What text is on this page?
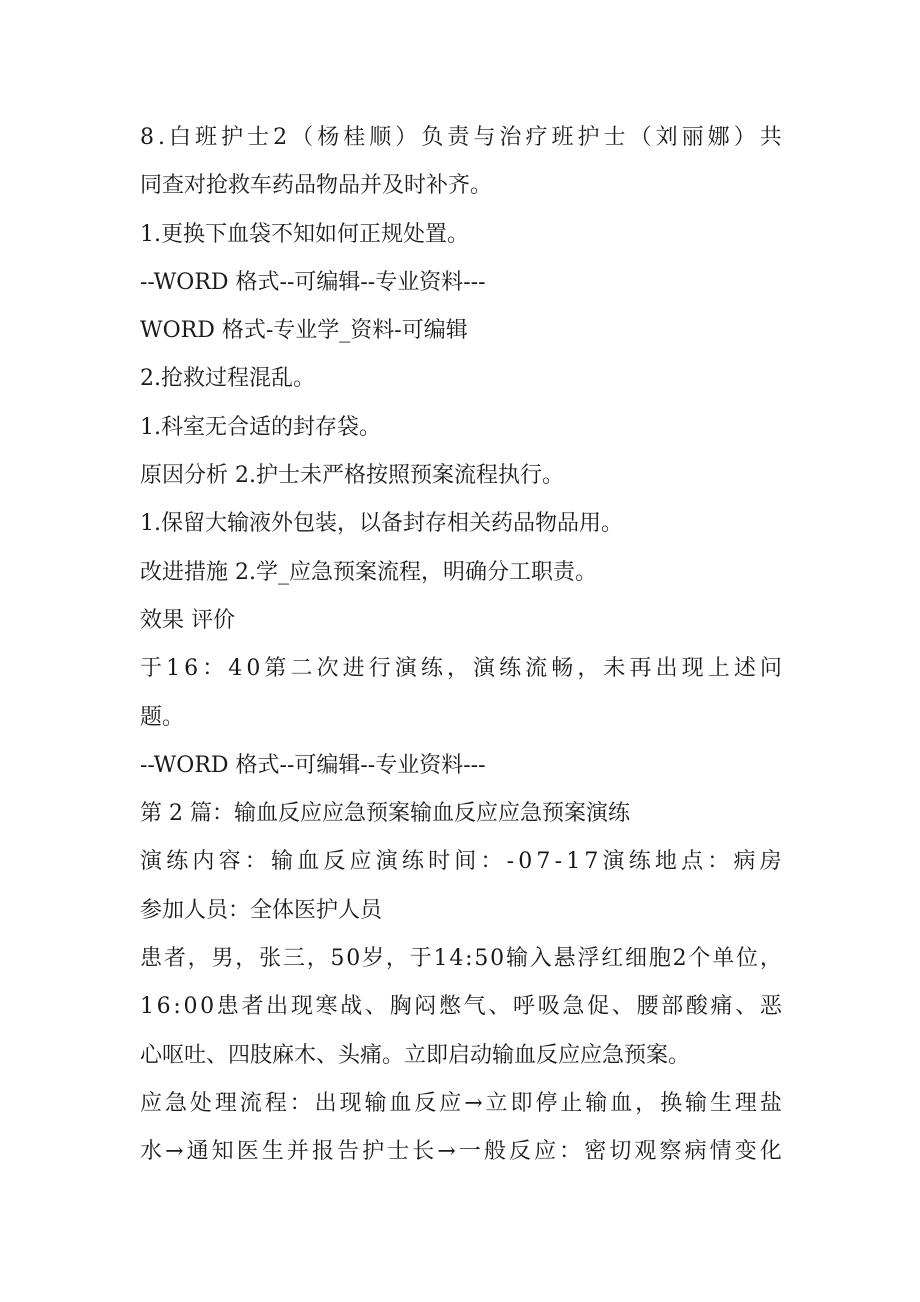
8 . 白 班 护 士 2 （ 杨 桂 顺 ） 负 责 与 治 疗 班 护 士 （ 刘 丽 娜 ） 共
同查对抢救车药品物品并及时补齐。
1.更换下血袋不知如何正规处置。
--WORD 格式--可编辑--专业资料---
WORD 格式-专业学_资料-可编辑
2.抢救过程混乱。
1.科室无合适的封存袋。
原因分析 2.护士未严格按照预案流程执行。
1.保留大输液外包装，以备封存相关药品物品用。
改进措施 2.学_应急预案流程，明确分工职责。
效果 评价
于 1 6 ： 4 0 第 二 次 进 行 演 练 ， 演 练 流 畅 ， 未 再 出 现 上 述 问
题。
--WORD 格式--可编辑--专业资料---
第 2 篇：输血反应应急预案输血反应应急预案演练
演 练 内 容 ： 输 血 反 应 演 练 时 间 ： - 0 7 - 1 7 演 练 地 点 ： 病 房
参加人员：全体医护人员
患 者 ， 男 ， 张 三 ， 5 0 岁 ， 于 1 4 : 5 0 输 入 悬 浮 红 细 胞 2 个 单 位 ，
1 6 : 0 0 患 者 出 现 寒 战 、 胸 闷 憋 气 、 呼 吸 急 促 、 腰 部 酸 痛 、 恶
心呕吐、四肢麻木、头痛。立即启动输血反应应急预案。
应 急 处 理 流 程 ： 出 现 输 血 反 应 → 立 即 停 止 输 血 ， 换 输 生 理 盐
水 → 通 知 医 生 并 报 告 护 士 长 → 一 般 反 应 ： 密 切 观 察 病 情 变 化
